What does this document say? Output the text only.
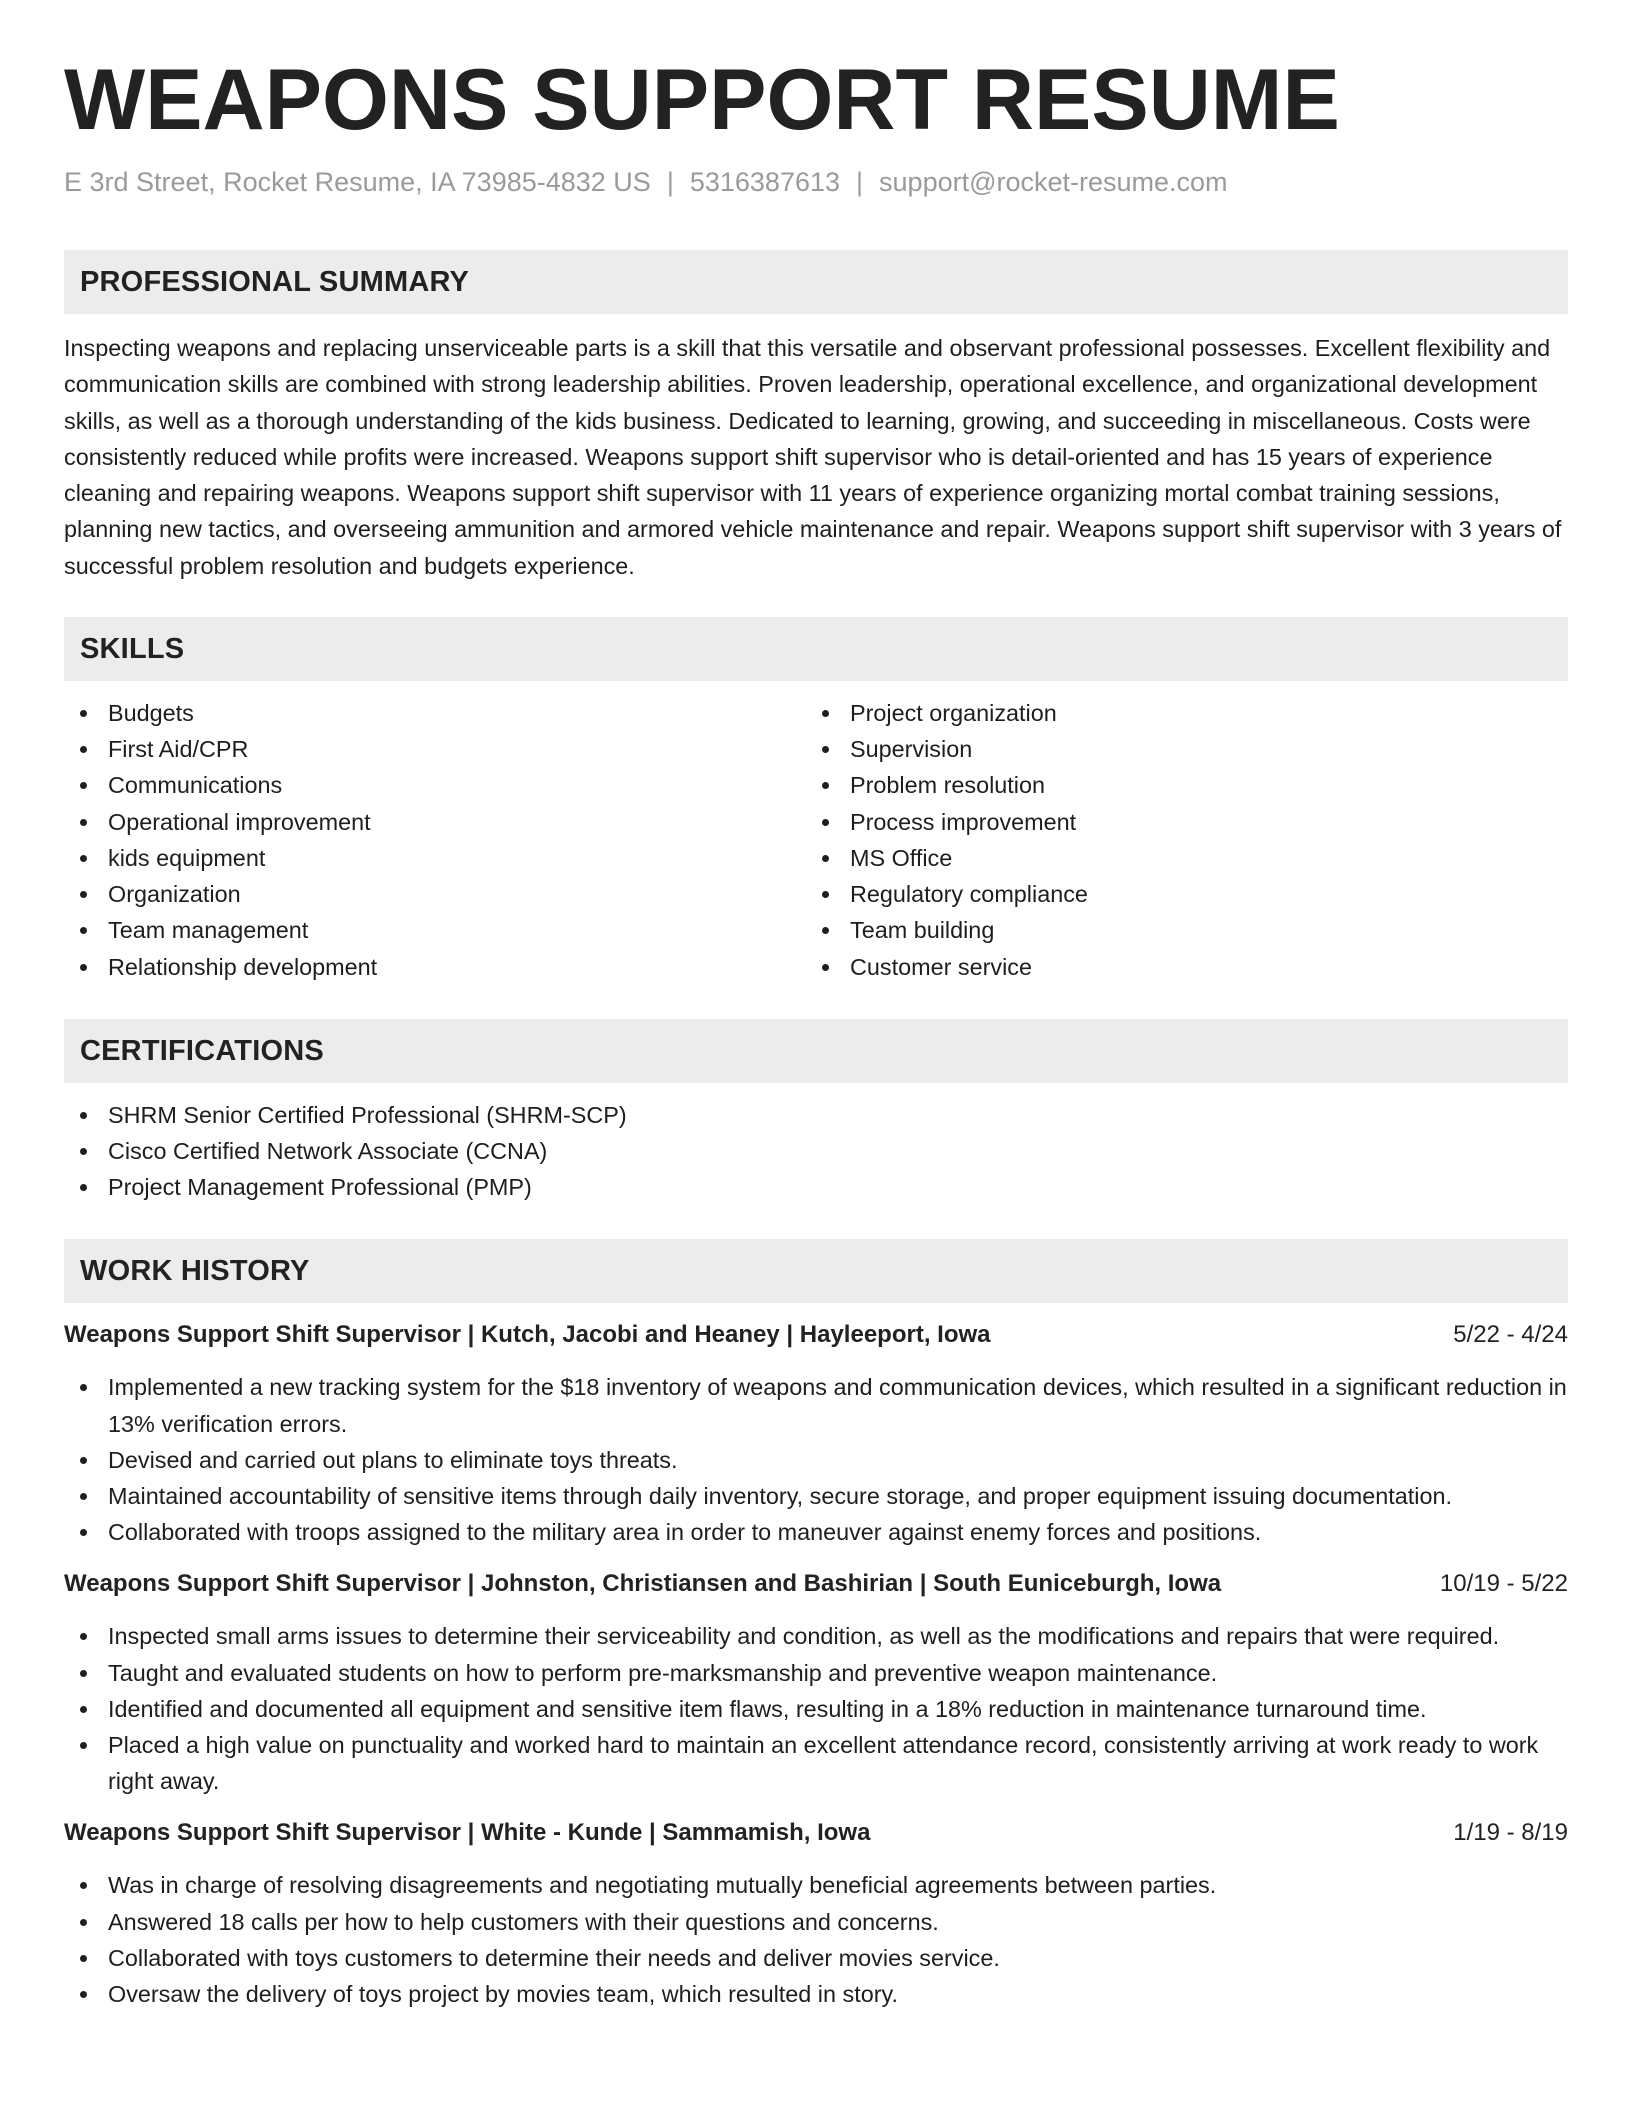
WEAPONS SUPPORT RESUME
E 3rd Street, Rocket Resume, IA 73985-4832 US | 5316387613 | support@rocket-resume.com
PROFESSIONAL SUMMARY

Inspecting weapons and replacing unserviceable parts is a skill that this versatile and observant professional possesses. Excellent flexibility and communication skills are combined with strong leadership abilities. Proven leadership, operational excellence, and organizational development skills, as well as a thorough understanding of the kids business. Dedicated to learning, growing, and succeeding in miscellaneous. Costs were consistently reduced while profits were increased. Weapons support shift supervisor who is detail-oriented and has 15 years of experience cleaning and repairing weapons. Weapons support shift supervisor with 11 years of experience organizing mortal combat training sessions, planning new tactics, and overseeing ammunition and armored vehicle maintenance and repair. Weapons support shift supervisor with 3 years of successful problem resolution and budgets experience.

SKILLS
Budgets
First Aid/CPR
Communications
Operational improvement
kids equipment
Organization
Team management
Relationship development
Project organization
Supervision
Problem resolution
Process improvement
MS Office
Regulatory compliance
Team building
Customer service
CERTIFICATIONS
SHRM Senior Certified Professional (SHRM-SCP)
Cisco Certified Network Associate (CCNA)
Project Management Professional (PMP)
WORK HISTORY
Weapons Support Shift Supervisor | Kutch, Jacobi and Heaney | Hayleeport, Iowa	5/22 - 4/24
Implemented a new tracking system for the $18 inventory of weapons and communication devices, which resulted in a significant reduction in 13% verification errors.
Devised and carried out plans to eliminate toys threats.
Maintained accountability of sensitive items through daily inventory, secure storage, and proper equipment issuing documentation.
Collaborated with troops assigned to the military area in order to maneuver against enemy forces and positions.
Weapons Support Shift Supervisor | Johnston, Christiansen and Bashirian | South Euniceburgh, Iowa	10/19 - 5/22
Inspected small arms issues to determine their serviceability and condition, as well as the modifications and repairs that were required.
Taught and evaluated students on how to perform pre-marksmanship and preventive weapon maintenance.
Identified and documented all equipment and sensitive item flaws, resulting in a 18% reduction in maintenance turnaround time.
Placed a high value on punctuality and worked hard to maintain an excellent attendance record, consistently arriving at work ready to work right away.
Weapons Support Shift Supervisor | White - Kunde | Sammamish, Iowa	1/19 - 8/19
Was in charge of resolving disagreements and negotiating mutually beneficial agreements between parties.
Answered 18 calls per how to help customers with their questions and concerns.
Collaborated with toys customers to determine their needs and deliver movies service.
Oversaw the delivery of toys project by movies team, which resulted in story.
